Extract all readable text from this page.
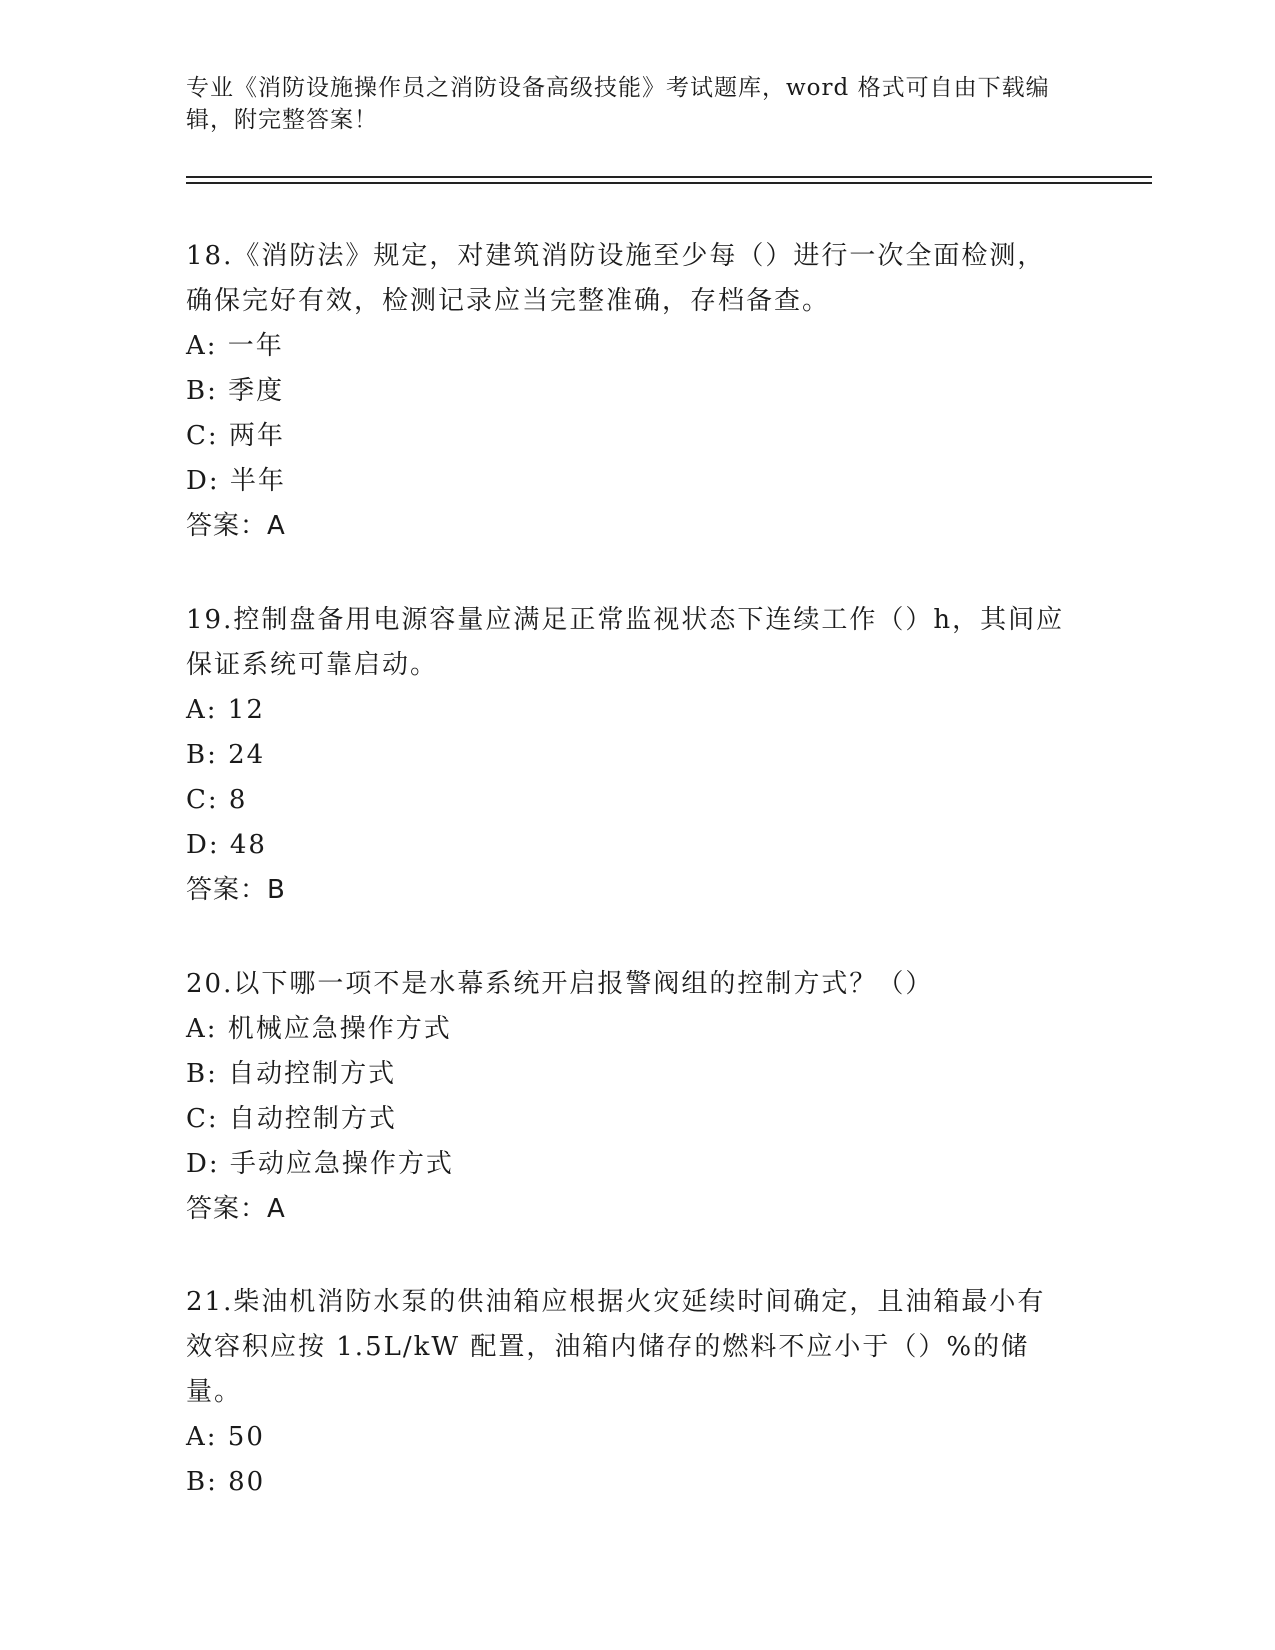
专业《消防设施操作员之消防设备高级技能》考试题库，word 格式可自由下载编辑，附完整答案！

18.《消防法》规定，对建筑消防设施至少每（）进行一次全面检测，确保完好有效，检测记录应当完整准确，存档备查。

A: 一年

B: 季度

C: 两年

D: 半年

答案：A

19.控制盘备用电源容量应满足正常监视状态下连续工作（）h，其间应保证系统可靠启动。

A: 12

B: 24

C: 8

D: 48

答案：B

20.以下哪一项不是水幕系统开启报警阀组的控制方式？（）

A: 机械应急操作方式

B: 自动控制方式

C: 自动控制方式

D: 手动应急操作方式

答案：A

21.柴油机消防水泵的供油箱应根据火灾延续时间确定，且油箱最小有效容积应按 1.5L/kW 配置，油箱内储存的燃料不应小于（）%的储量。

A: 50

B: 80
